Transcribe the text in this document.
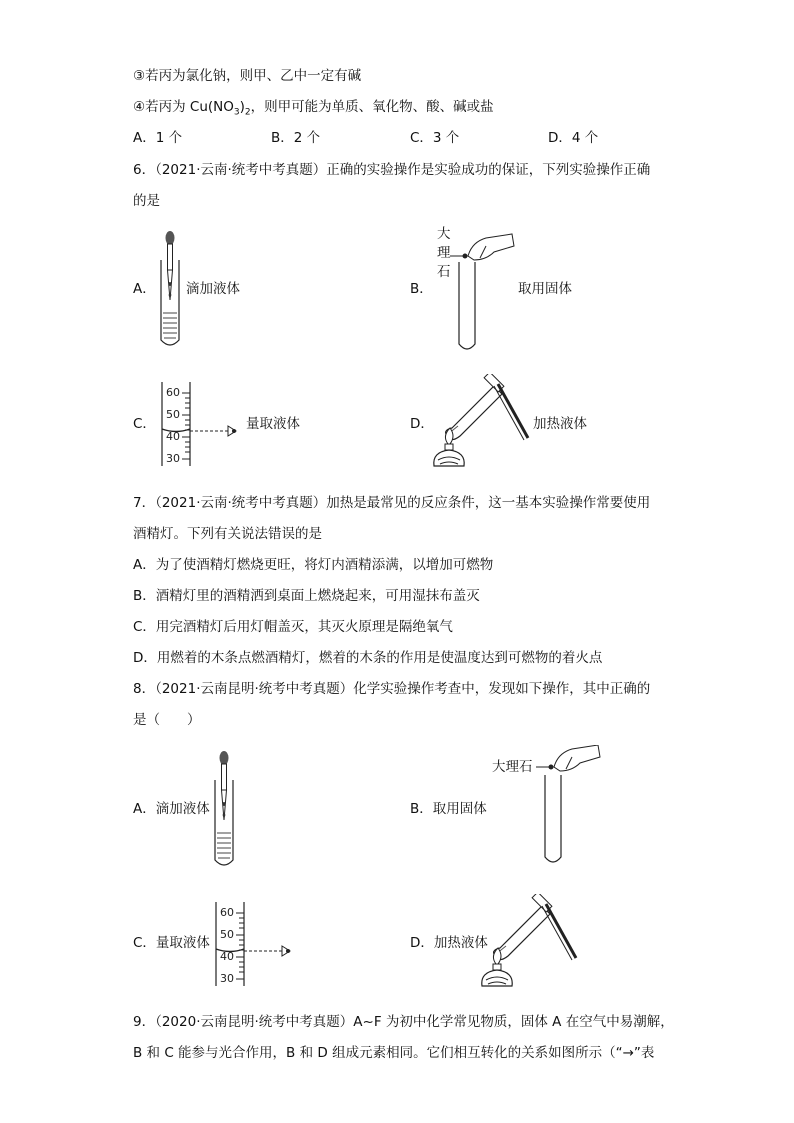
③若丙为氯化钠，则甲、乙中一定有碱
④若丙为 $Cu(NO_3)_2$，则甲可能为单质、氧化物、酸、碱或盐
A．1 个	B．2 个	C．3 个	D．4 个
6．（2021·云南·统考中考真题）正确的实验操作是实验成功的保证，下列实验操作正确
的是
A． 滴加液体	B．
大
理
石
取用固体
C．
60
50
40
30
量取液体	D．	加热液体
7．（2021·云南·统考中考真题）加热是最常见的反应条件，这一基本实验操作常要使用
酒精灯。下列有关说法错误的是
A．为了使酒精灯燃烧更旺，将灯内酒精添满，以增加可燃物
B．酒精灯里的酒精洒到桌面上燃烧起来，可用湿抹布盖灭
C．用完酒精灯后用灯帽盖灭，其灭火原理是隔绝氧气
D．用燃着的木条点燃酒精灯，燃着的木条的作用是使温度达到可燃物的着火点
8．（2021·云南昆明·统考中考真题）化学实验操作考查中，发现如下操作，其中正确的
是（　　）
A．滴加液体	B．取用固体
大理石
C．量取液体
60
50
40
30
D．加热液体
9．（2020·云南昆明·统考中考真题）A~F 为初中化学常见物质，固体 A 在空气中易潮解，
B 和 C 能参与光合作用，B 和 D 组成元素相同。它们相互转化的关系如图所示（“→”表
